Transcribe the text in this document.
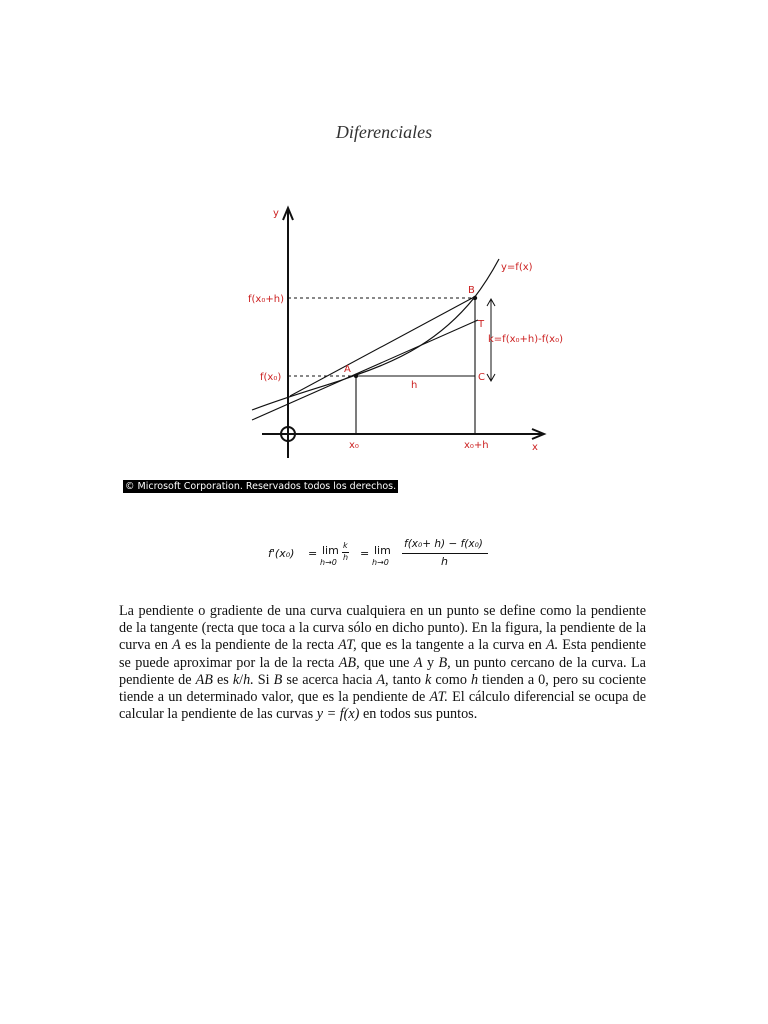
Diferenciales
y
x
y=f(x)
B
A
C
T
f(x₀+h)
f(x₀)
h
k=f(x₀+h)-f(x₀)
x₀	x₀+h
© Microsoft Corporation. Reservados todos los derechos.
f'(x₀) = lim
h→0
k
h = lim
h→0
f(x₀+ h) − f(x₀)
h
La pendiente o gradiente de una curva cualquiera en un punto se define como la pendiente de la tangente (recta que toca a la curva sólo en dicho punto). En la figura, la pendiente de la curva en A es la pendiente de la recta AT, que es la tangente a la curva en A. Esta pendiente se puede aproximar por la de la recta AB, que une A y B, un punto cercano de la curva. La pendiente de AB es k/h. Si B se acerca hacia A, tanto k como h tienden a 0, pero su cociente tiende a un determinado valor, que es la pendiente de AT. El cálculo diferencial se ocupa de calcular la pendiente de las curvas y = f(x) en todos sus puntos.
